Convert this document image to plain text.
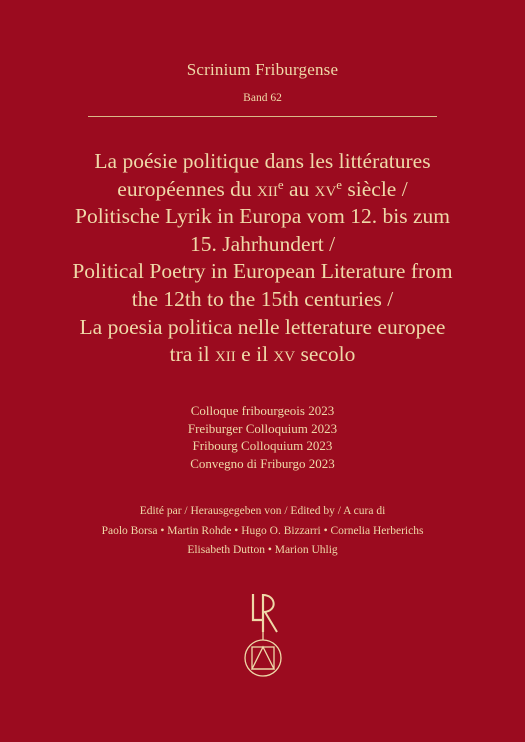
Scrinium Friburgense
Band 62
La poésie politique dans les littératures
européennes du xii$^e$ au $xv^e$ siècle /
Politische Lyrik in Europa vom 12. bis zum
15. Jahrhundert /
Political Poetry in European Literature from
the 12th to the 15th centuries /
La poesia politica nelle letterature europee
tra il xii e il xv secolo
Colloque fribourgeois 2023
Freiburger Colloquium 2023
Fribourg Colloquium 2023
Convegno di Friburgo 2023
Edité par / Herausgegeben von / Edited by / A cura di
Paolo Borsa • Martin Rohde • Hugo O. Bizzarri • Cornelia Herberichs
Elisabeth Dutton • Marion Uhlig
